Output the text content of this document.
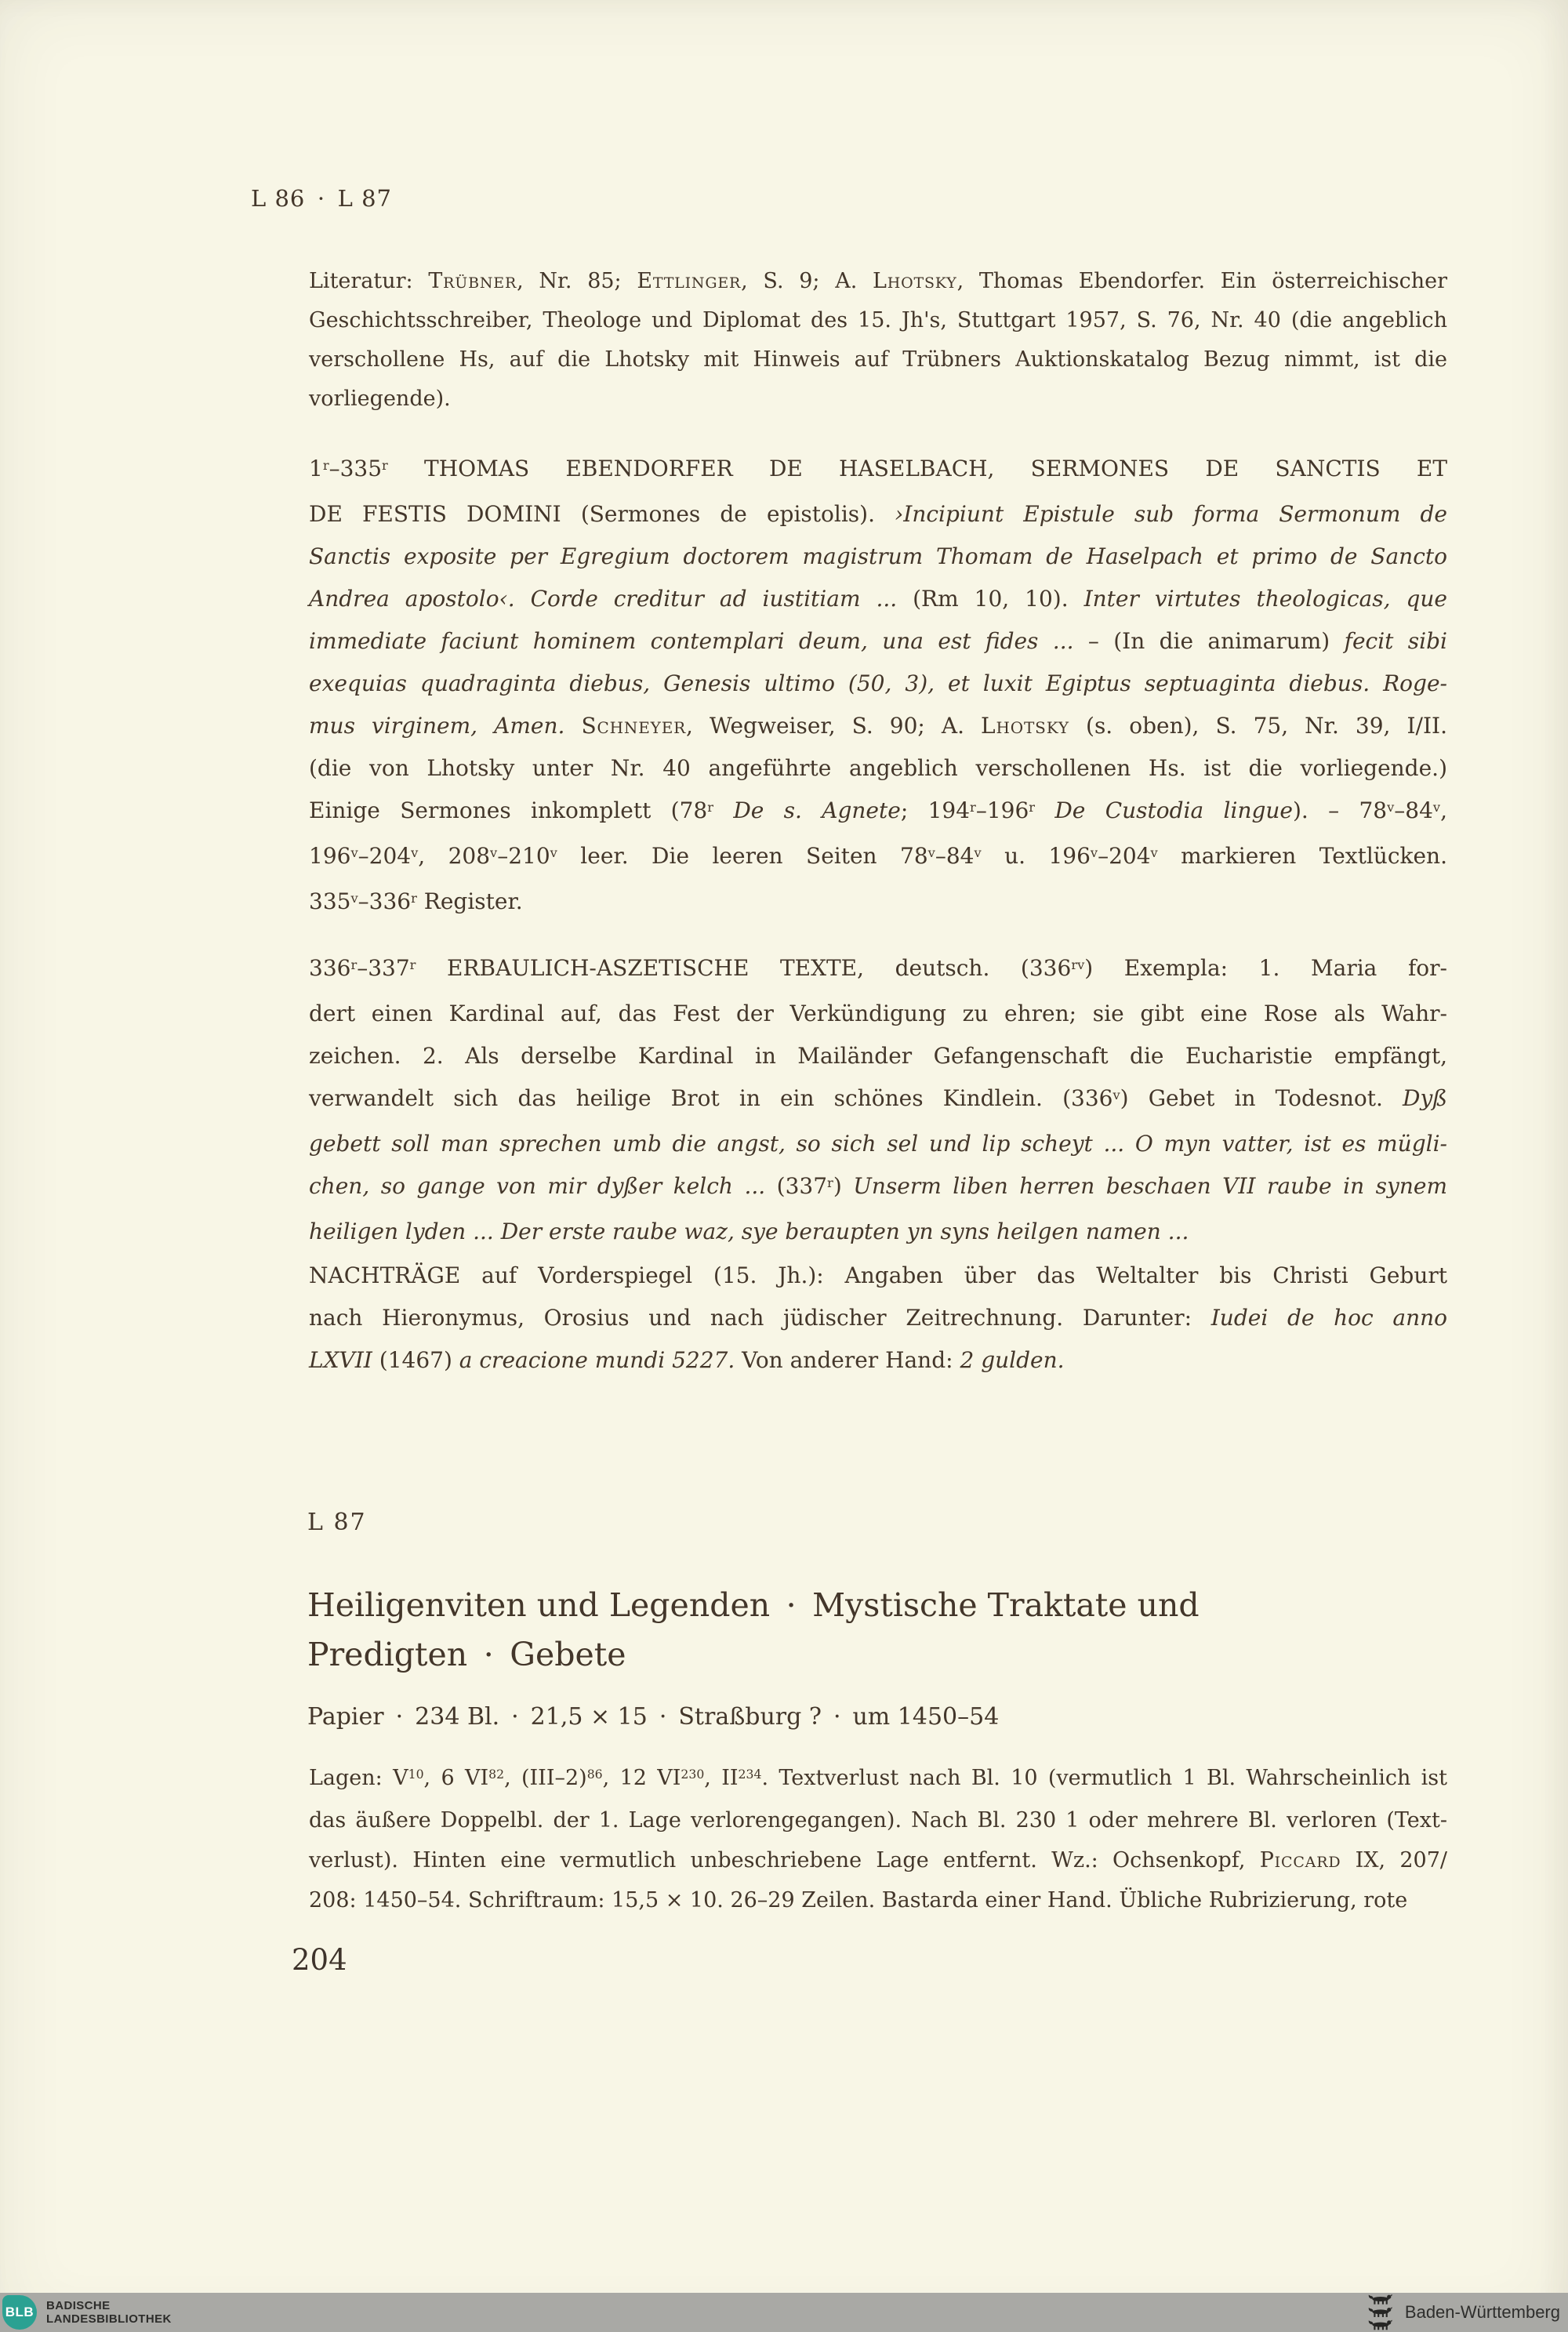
L 86 · L 87
Literatur: Trübner, Nr. 85; Ettlinger, S. 9; A. Lhotsky, Thomas Ebendorfer. Ein österreichischer
Geschichtsschreiber, Theologe und Diplomat des 15. Jh's, Stuttgart 1957, S. 76, Nr. 40 (die angeblich
verschollene Hs, auf die Lhotsky mit Hinweis auf Trübners Auktionskatalog Bezug nimmt, ist die
vorliegende).
1$^r$–335$^r$ THOMAS EBENDORFER DE HASELBACH, SERMONES DE SANCTIS ET
DE FESTIS DOMINI (Sermones de epistolis). ›Incipiunt Epistule sub forma Sermonum de
Sanctis exposite per Egregium doctorem magistrum Thomam de Haselpach et primo de Sancto
Andrea apostolo‹. Corde creditur ad iustitiam ... (Rm 10, 10). Inter virtutes theologicas, que
immediate faciunt hominem contemplari deum, una est fides ... – (In die animarum) fecit sibi
exequias quadraginta diebus, Genesis ultimo (50, 3), et luxit Egiptus septuaginta diebus. Roge-
mus virginem, Amen. Schneyer, Wegweiser, S. 90; A. Lhotsky (s. oben), S. 75, Nr. 39, I/II.
(die von Lhotsky unter Nr. 40 angeführte angeblich verschollenen Hs. ist die vorliegende.)
Einige Sermones inkomplett (78$^r$ De s. Agnete; 194$^r$–196$^r$ De Custodia lingue). – 78$^v$–84$^v$,
196$^v$–204$^v$, 208$^v$–210$^v$ leer. Die leeren Seiten 78$^v$–84$^v$ u. 196$^v$–204$^v$ markieren Textlücken.
335$^v$–336$^r$ Register.
336$^r$–337$^r$ ERBAULICH-ASZETISCHE TEXTE, deutsch. $(336^{rv})$ Exempla: 1. Maria for-
dert einen Kardinal auf, das Fest der Verkündigung zu ehren; sie gibt eine Rose als Wahr-
zeichen. 2. Als derselbe Kardinal in Mailänder Gefangenschaft die Eucharistie empfängt,
verwandelt sich das heilige Brot in ein schönes Kindlein. (336$^v$) Gebet in Todesnot. Dyß
gebett soll man sprechen umb die angst, so sich sel und lip scheyt ... O myn vatter, ist es mügli-
chen, so gange von mir dyßer kelch ... (337$^r$) Unserm liben herren beschaen VII raube in synem
heiligen lyden ... Der erste raube waz, sye beraupten yn syns heilgen namen ...
NACHTRÄGE auf Vorderspiegel (15. Jh.): Angaben über das Weltalter bis Christi Geburt
nach Hieronymus, Orosius und nach jüdischer Zeitrechnung. Darunter: Iudei de hoc anno
LXVII (1467) a creacione mundi 5227. Von anderer Hand: 2 gulden.
L 87
Heiligenviten und Legenden · Mystische Traktate und
Predigten · Gebete
Papier · 234 Bl. · 21,5 × 15 · Straßburg ? · um 1450–54
Lagen: $V^{10}$, 6 VI$^{82}$, $(III-2)^{86}$, 12 VI$^{230}$, II$^{234}$. Textverlust nach Bl. 10 (vermutlich 1 Bl. Wahrscheinlich ist
das äußere Doppelbl. der 1. Lage verlorengegangen). Nach Bl. 230 1 oder mehrere Bl. verloren (Text-
verlust). Hinten eine vermutlich unbeschriebene Lage entfernt. Wz.: Ochsenkopf, Piccard IX, 207/
208: 1450–54. Schriftraum: 15,5 × 10. 26–29 Zeilen. Bastarda einer Hand. Übliche Rubrizierung, rote
204
BLB BADISCHE
LANDESBIBLIOTHEK	Baden-Württemberg
